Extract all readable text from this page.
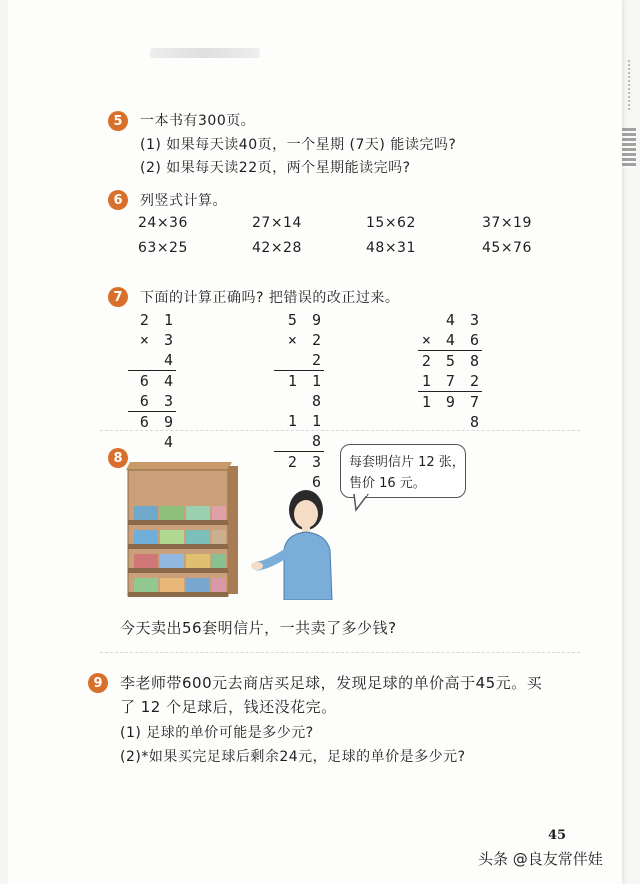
5	一本书有300页。
(1) 如果每天读40页，一个星期 (7天) 能读完吗?
(2) 如果每天读22页，两个星期能读完吗?
6	列竖式计算。
24×36	27×14	15×62	37×19
63×25	42×28	48×31	45×76
7	下面的计算正确吗? 把错误的改正过来。
2 1
× 3 4
6 4
6 3
6 9 4
5 9
× 2 2
1 1 8
1 1 8
2 3 6
4 3
× 4 6
2 5 8
1 7 2
1 9 7 8
8	每套明信片 12 张，
售价 16 元。
今天卖出56套明信片，一共卖了多少钱?
9	李老师带600元去商店买足球，发现足球的单价高于45元。买
了 12 个足球后，钱还没花完。
(1) 足球的单价可能是多少元?
(2)*如果买完足球后剩余24元，足球的单价是多少元?
45
头条 @良友常伴娃
